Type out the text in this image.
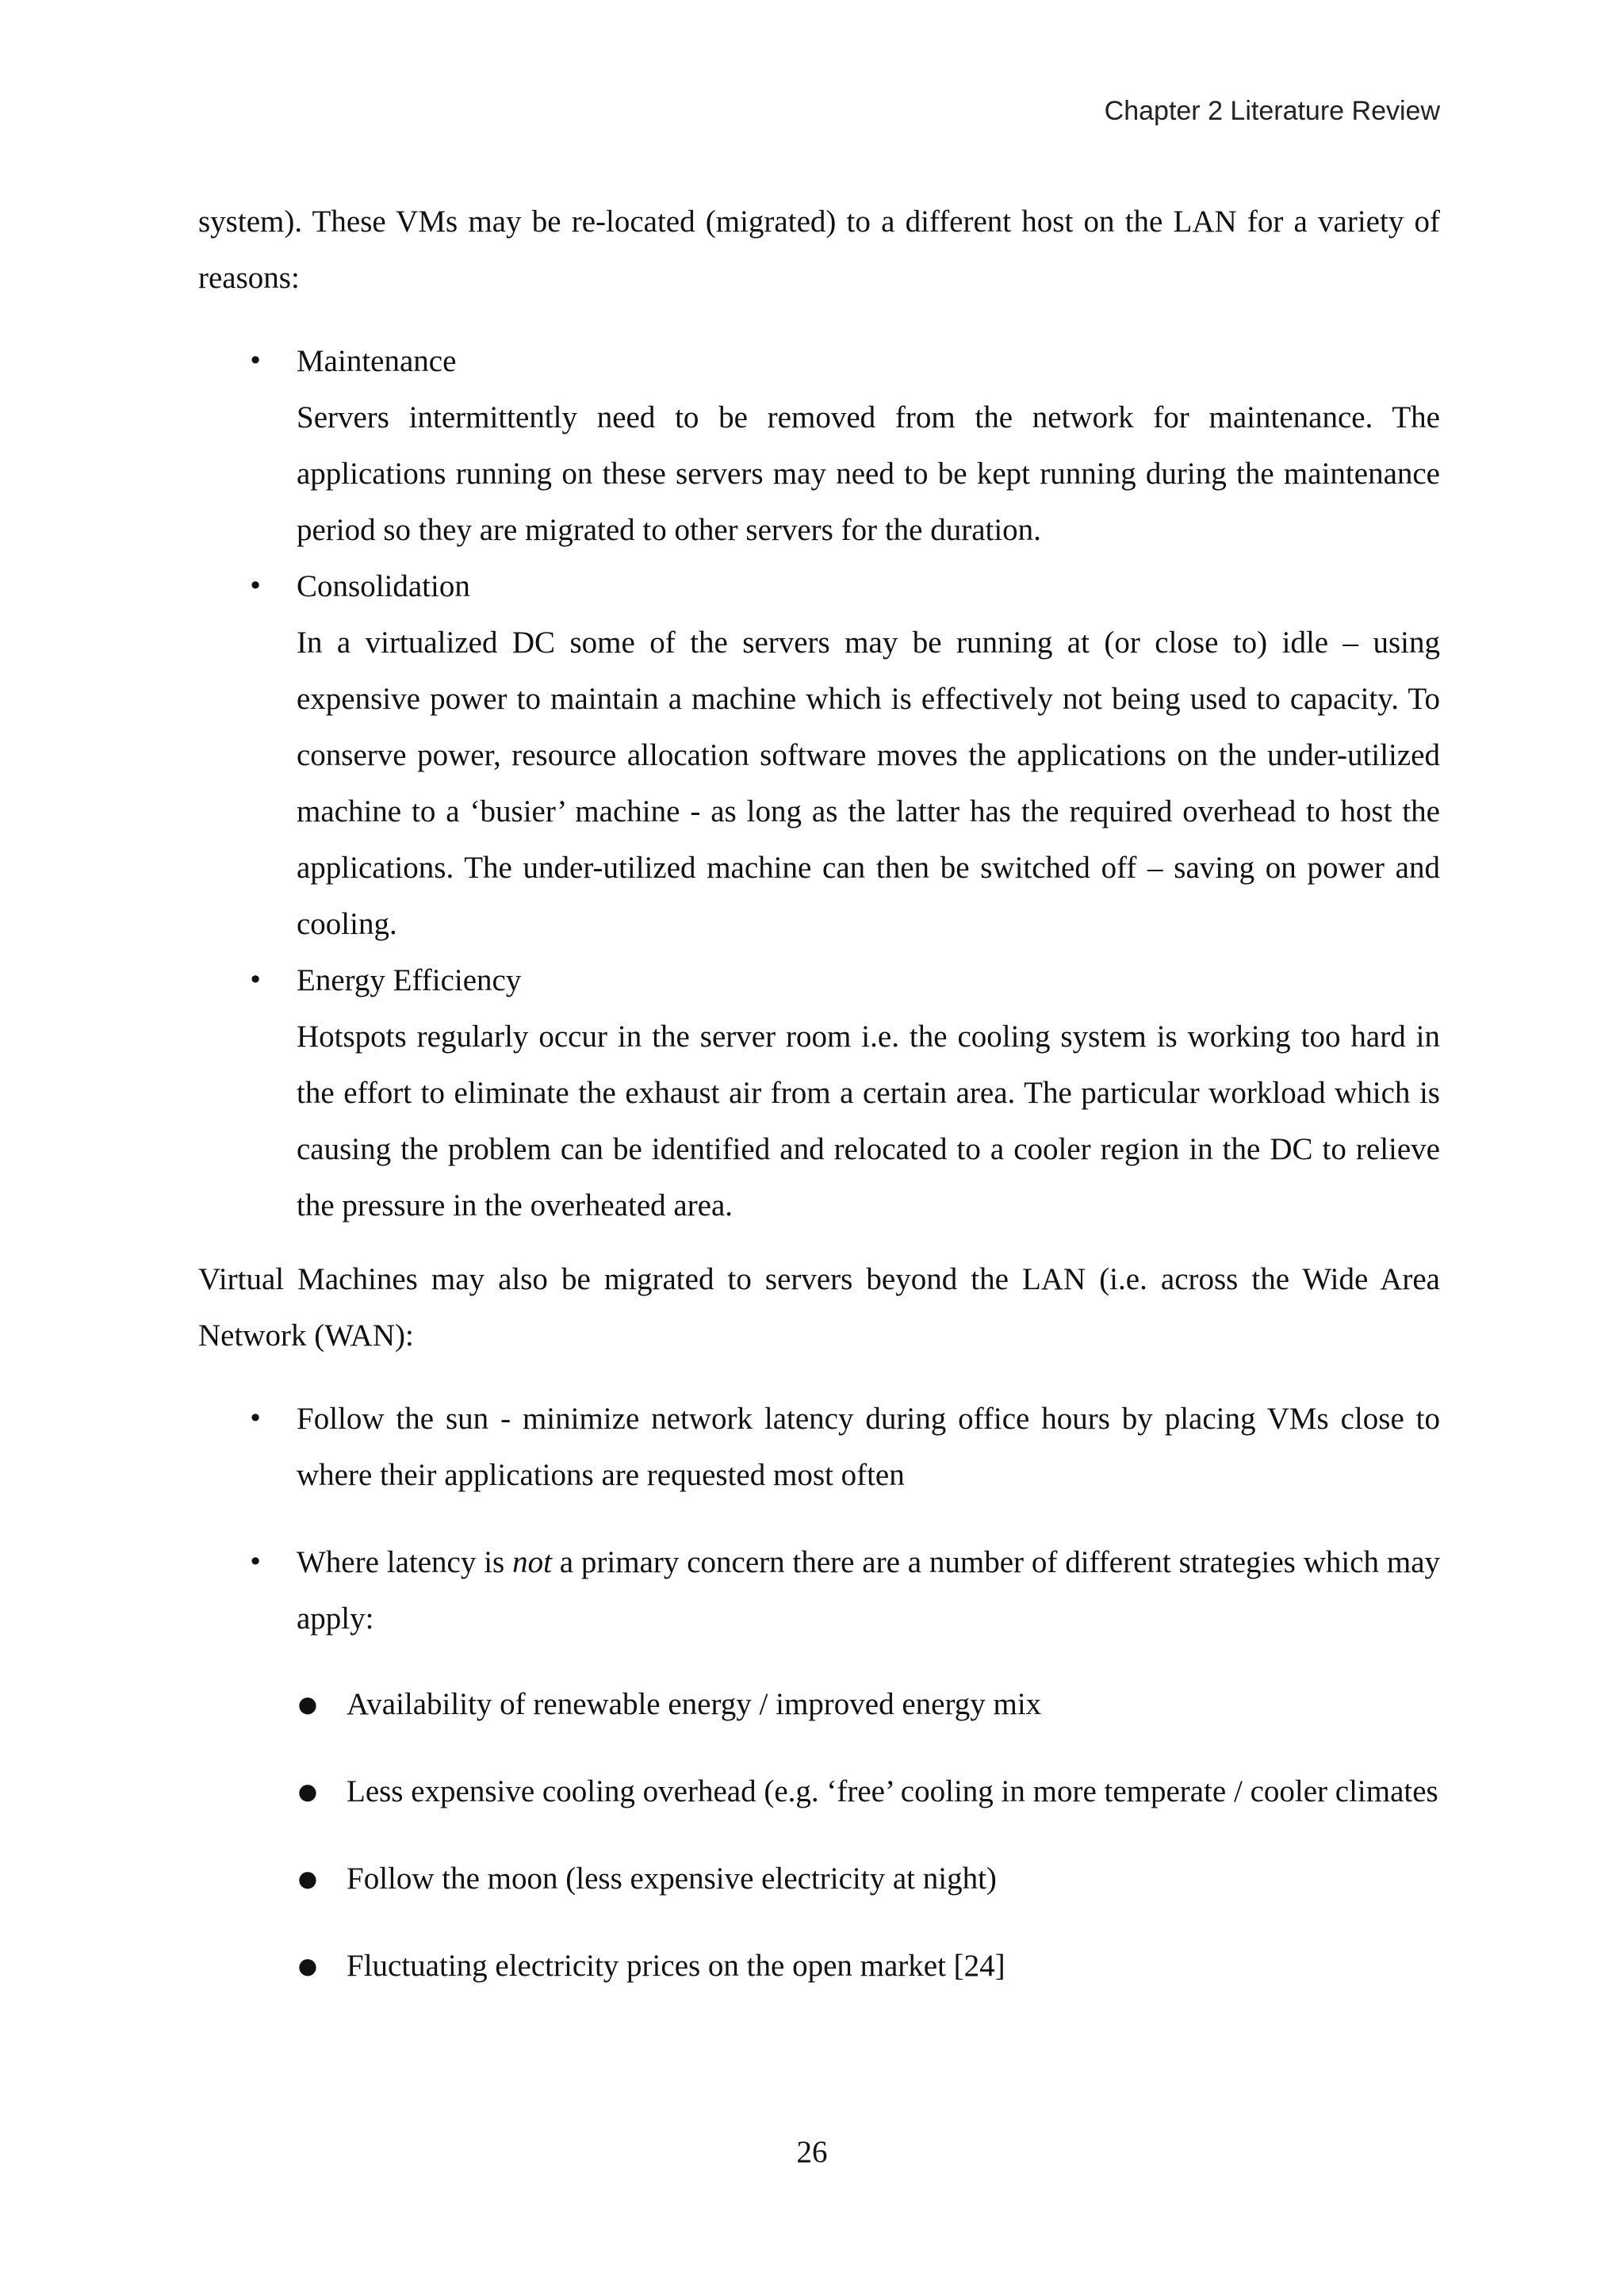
Chapter 2 Literature Review

system). These VMs may be re-located (migrated) to a different host on the LAN for a variety of reasons:

• Maintenance
Servers intermittently need to be removed from the network for maintenance. The applications running on these servers may need to be kept running during the maintenance period so they are migrated to other servers for the duration.
• Consolidation
In a virtualized DC some of the servers may be running at (or close to) idle – using expensive power to maintain a machine which is effectively not being used to capacity. To conserve power, resource allocation software moves the applications on the under-utilized machine to a ‘busier’ machine - as long as the latter has the required overhead to host the applications. The under-utilized machine can then be switched off – saving on power and cooling.
• Energy Efficiency
Hotspots regularly occur in the server room i.e. the cooling system is working too hard in the effort to eliminate the exhaust air from a certain area. The particular workload which is causing the problem can be identified and relocated to a cooler region in the DC to relieve the pressure in the overheated area.

Virtual Machines may also be migrated to servers beyond the LAN (i.e. across the Wide Area Network (WAN):

• Follow the sun - minimize network latency during office hours by placing VMs close to where their applications are requested most often
• Where latency is not a primary concern there are a number of different strategies which may apply:
● Availability of renewable energy / improved energy mix
● Less expensive cooling overhead (e.g. ‘free’ cooling in more temperate / cooler climates
● Follow the moon (less expensive electricity at night)
● Fluctuating electricity prices on the open market [24]
26
